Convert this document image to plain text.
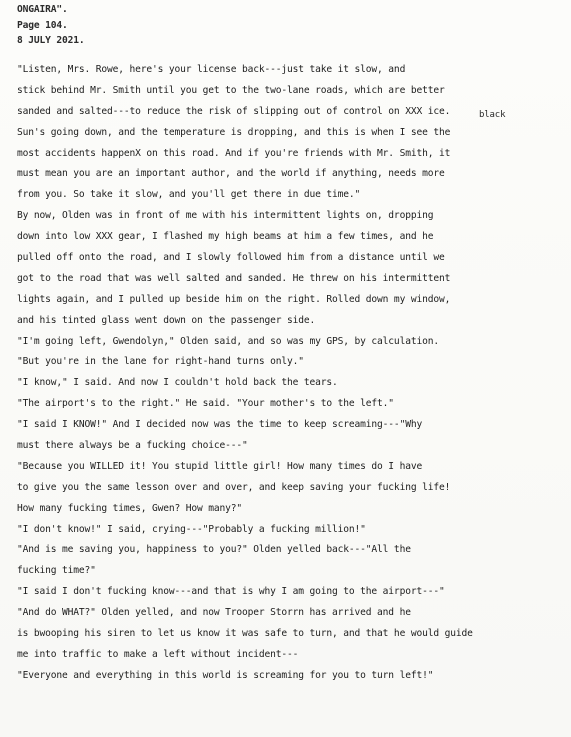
ONGAIRA".
Page 104.
8 JULY 2021.
black
"Listen, Mrs. Rowe, here's your license back---just take it slow, and
stick behind Mr. Smith until you get to the two-lane roads, which are better
sanded and salted---to reduce the risk of slipping out of control on XXX ice.
Sun's going down, and the temperature is dropping, and this is when I see the
most accidents happenX on this road. And if you're friends with Mr. Smith, it
must mean you are an important author, and the world if anything, needs more
from you. So take it slow, and you'll get there in due time."
By now, Olden was in front of me with his intermittent lights on, dropping
down into low XXX gear, I flashed my high beams at him a few times, and he
pulled off onto the road, and I slowly followed him from a distance until we
got to the road that was well salted and sanded. He threw on his intermittent
lights again, and I pulled up beside him on the right. Rolled down my window,
and his tinted glass went down on the passenger side.
"I'm going left, Gwendolyn," Olden said, and so was my GPS, by calculation.
"But you're in the lane for right-hand turns only."
"I know," I said. And now I couldn't hold back the tears.
"The airport's to the right." He said. "Your mother's to the left."
"I said I KNOW!" And I decided now was the time to keep screaming---"Why
must there always be a fucking choice---"
"Because you WILLED it! You stupid little girl! How many times do I have
to give you the same lesson over and over, and keep saving your fucking life!
How many fucking times, Gwen? How many?"
"I don't know!" I said, crying---"Probably a fucking million!"
"And is me saving you, happiness to you?" Olden yelled back---"All the
fucking time?"
"I said I don't fucking know---and that is why I am going to the airport---"
"And do WHAT?" Olden yelled, and now Trooper Storrn has arrived and he
is bwooping his siren to let us know it was safe to turn, and that he would guide
me into traffic to make a left without incident---
"Everyone and everything in this world is screaming for you to turn left!"
